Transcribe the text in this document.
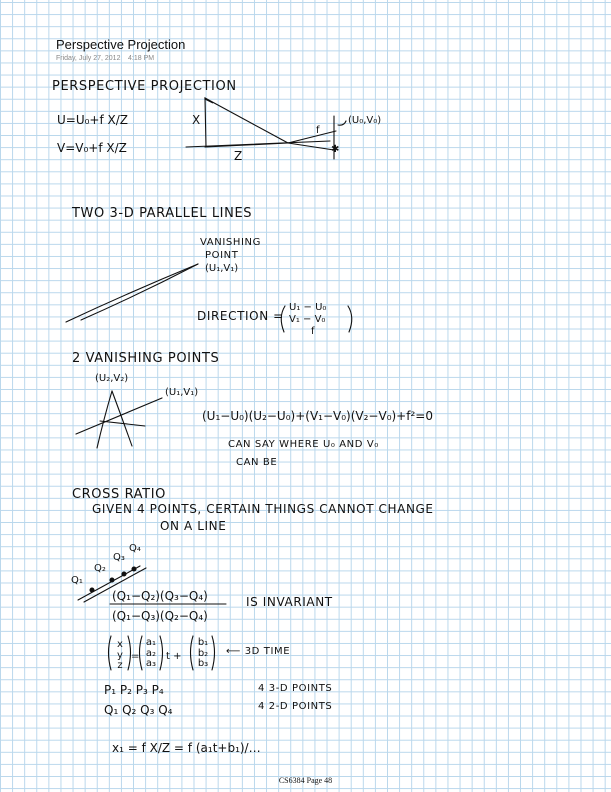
Perspective Projection
Friday, July 27, 2012 4:18 PM
PERSPECTIVE PROJECTION
U=U₀+f X/Z
V=V₀+f X/Z
X
Z
f
(U₀,V₀)
✱
TWO 3-D PARALLEL LINES
VANISHING
POINT
(U₁,V₁)
DIRECTION =
U₁ − U₀
V₁ − V₀
f
2 VANISHING POINTS
(U₂,V₂)
(U₁,V₁)
(U₁−U₀)(U₂−U₀)+(V₁−V₀)(V₂−V₀)+f²=0
CAN SAY WHERE U₀ AND V₀
CAN BE
CROSS RATIO
GIVEN 4 POINTS, CERTAIN THINGS CANNOT CHANGE
ON A LINE
Q₁
Q₂
Q₃
Q₄
(Q₁−Q₂)(Q₃−Q₄)
(Q₁−Q₃)(Q₂−Q₄)
IS INVARIANT
x y z
=
a₁ a₂ a₃
t +
b₁ b₂ b₃
⟵ 3D TIME
P₁ P₂ P₃ P₄
Q₁ Q₂ Q₃ Q₄
4 3-D POINTS
4 2-D POINTS
x₁ = f X/Z = f (a₁t+b₁)/…
CS6384 Page 48
